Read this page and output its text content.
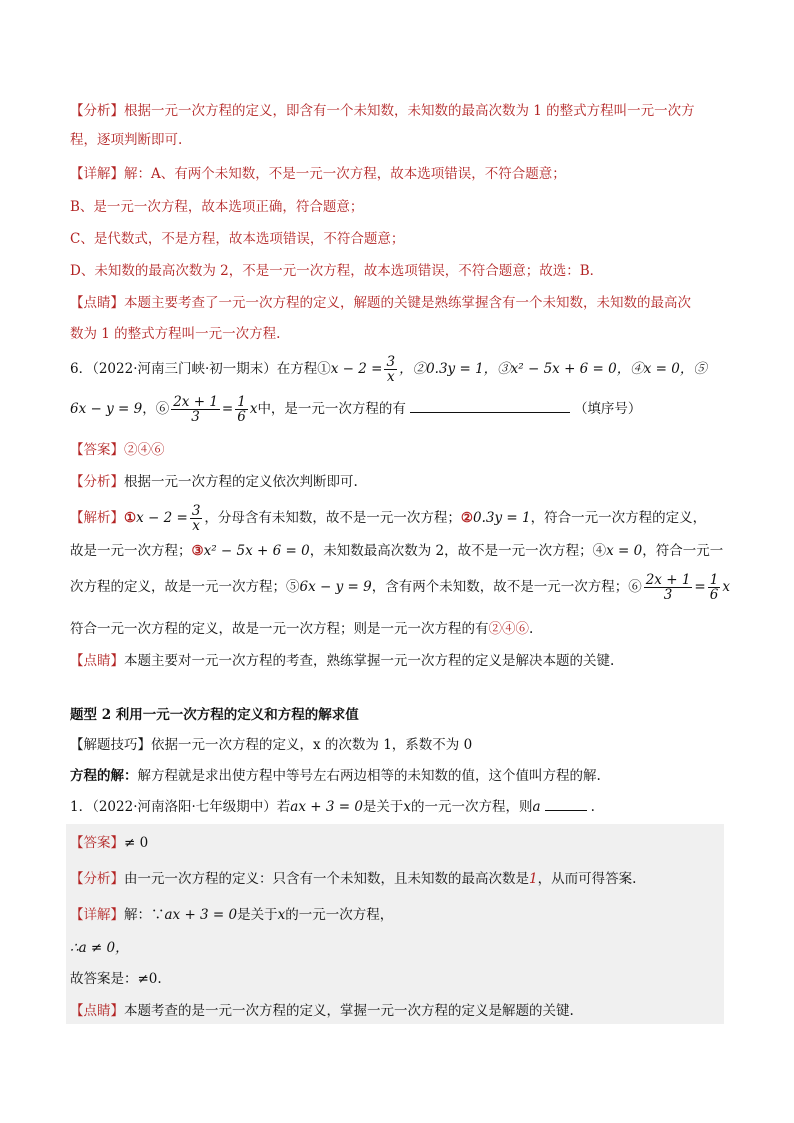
【分析】根据一元一次方程的定义，即含有一个未知数，未知数的最高次数为 1 的整式方程叫一元一次方
程，逐项判断即可.
【详解】解：A、有两个未知数，不是一元一次方程，故本选项错误，不符合题意；
B、是一元一次方程，故本选项正确，符合题意；
C、是代数式，不是方程，故本选项错误，不符合题意；
D、未知数的最高次数为 2，不是一元一次方程，故本选项错误，不符合题意；故选：B．
【点睛】本题主要考查了一元一次方程的定义，解题的关键是熟练掌握含有一个未知数，未知数的最高次
数为 1 的整式方程叫一元一次方程.
6．（2022·河南三门峡·初一期末）在方程①x − $2 = \frac{3}{x}$ ，②0.3y = 1，③x² − 5x + 6 = 0，④x = 0，⑤
6x − y = 9，⑥ $\frac{2x + 1}{3} = \frac{1}{6}$ x中，是一元一次方程的有	（填序号）
【答案】②④⑥
【分析】根据一元一次方程的定义依次判断即可.
【解析】①x − $2 = \frac{3}{x}$ ，分母含有未知数，故不是一元一次方程；②0.3y = 1，符合一元一次方程的定义，
故是一元一次方程；③x² − 5x + 6 = 0，未知数最高次数为 2，故不是一元一次方程；④x = 0，符合一元一
次方程的定义，故是一元一次方程；⑤6x − y = 9，含有两个未知数，故不是一元一次方程；⑥ $\frac{2x + 1}{3} = \frac{1}{6}$ x
符合一元一次方程的定义，故是一元一次方程；则是一元一次方程的有②④⑥.
【点睛】本题主要对一元一次方程的考查，熟练掌握一元一次方程的定义是解决本题的关键.
题型 2 利用一元一次方程的定义和方程的解求值
【解题技巧】依据一元一次方程的定义，x 的次数为 1，系数不为 0
方程的解：解方程就是求出使方程中等号左右两边相等的未知数的值，这个值叫方程的解.
1．（2022·河南洛阳·七年级期中）若ax + 3 = 0是关于x的一元一次方程，则a	.
【答案】≠ 0
【分析】由一元一次方程的定义：只含有一个未知数，且未知数的最高次数是1，从而可得答案.
【详解】解：∵ax + 3 = 0是关于x的一元一次方程，
∴a ≠ 0，
故答案是：≠0.
【点睛】本题考查的是一元一次方程的定义，掌握一元一次方程的定义是解题的关键.
